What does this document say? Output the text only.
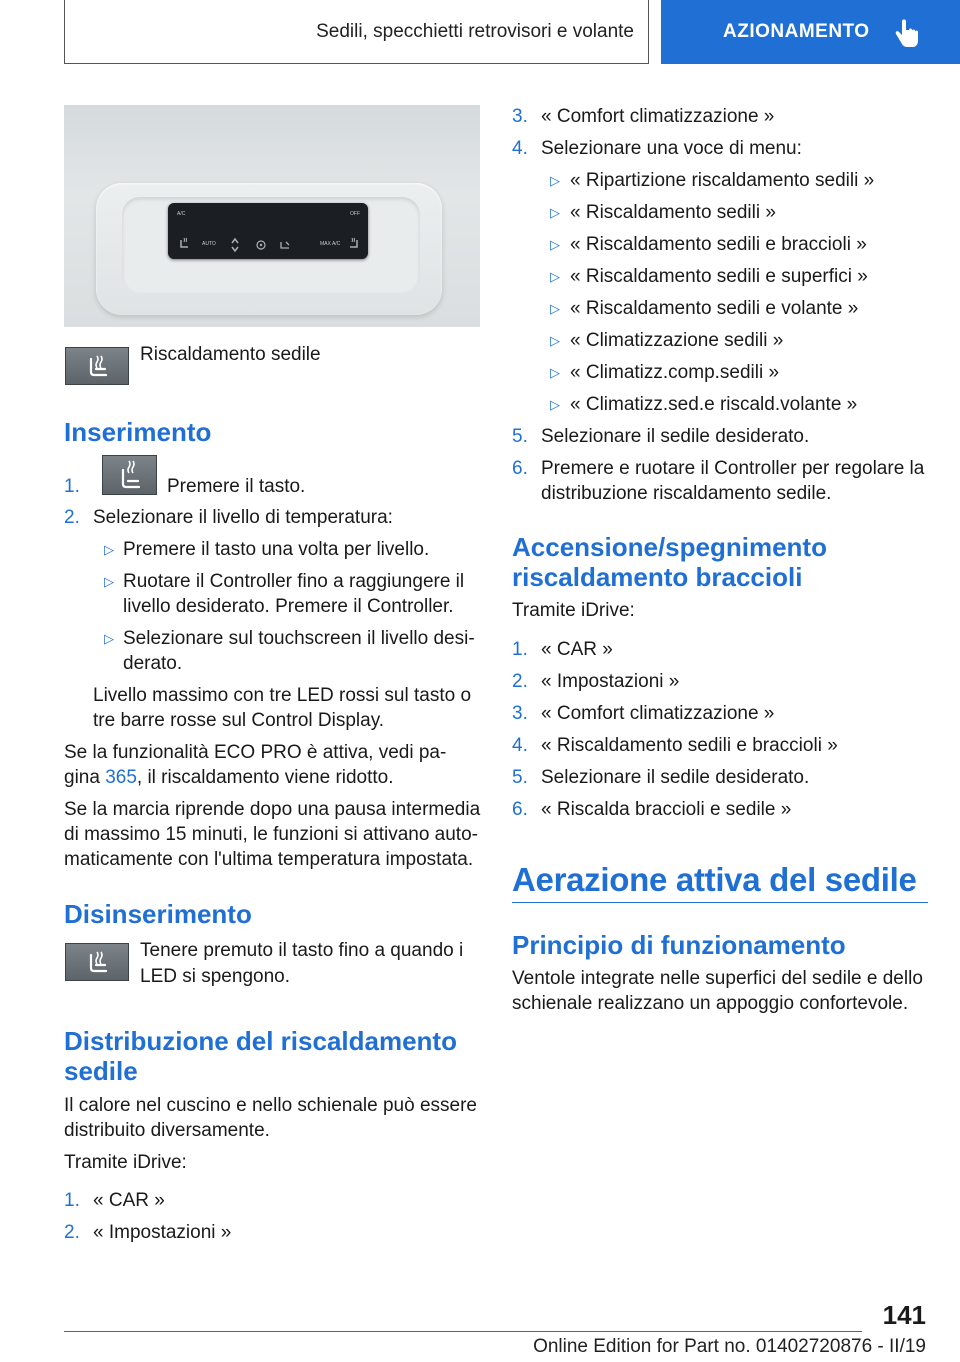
Sedili, specchietti retrovisori e volante	AZIONAMENTO
A/C	OFF
AUTO	MAX A/C
Riscaldamento sedile
Inserimento
1.	Premere il tasto.
2. Selezionare il livello di temperatura:
▷ Premere il tasto una volta per livello.
▷ Ruotare il Controller fino a raggiungere il
livello desiderato. Premere il Controller.
▷ Selezionare sul touchscreen il livello desi-
derato.
Livello massimo con tre LED rossi sul tasto o
tre barre rosse sul Control Display.
Se la funzionalità ECO PRO è attiva, vedi pa-
gina 365, il riscaldamento viene ridotto.
Se la marcia riprende dopo una pausa intermedia
di massimo 15 minuti, le funzioni si attivano auto-
maticamente con l'ultima temperatura impostata.
Disinserimento
Tenere premuto il tasto fino a quando i
LED si spengono.
Distribuzione del riscaldamento
sedile
Il calore nel cuscino e nello schienale può essere
distribuito diversamente.
Tramite iDrive:
1. « CAR »
2. « Impostazioni »
3. « Comfort climatizzazione »
4. Selezionare una voce di menu:
▷ « Ripartizione riscaldamento sedili »
▷ « Riscaldamento sedili »
▷ « Riscaldamento sedili e braccioli »
▷ « Riscaldamento sedili e superfici »
▷ « Riscaldamento sedili e volante »
▷ « Climatizzazione sedili »
▷ « Climatizz.comp.sedili »
▷ « Climatizz.sed.e riscald.volante »
5. Selezionare il sedile desiderato.
6. Premere e ruotare il Controller per regolare la
distribuzione riscaldamento sedile.
Accensione/spegnimento
riscaldamento braccioli
Tramite iDrive:
1. « CAR »
2. « Impostazioni »
3. « Comfort climatizzazione »
4. « Riscaldamento sedili e braccioli »
5. Selezionare il sedile desiderato.
6. « Riscalda braccioli e sedile »
Aerazione attiva del sedile
Principio di funzionamento
Ventole integrate nelle superfici del sedile e dello
schienale realizzano un appoggio confortevole.
141
Online Edition for Part no. 01402720876 - II/19
